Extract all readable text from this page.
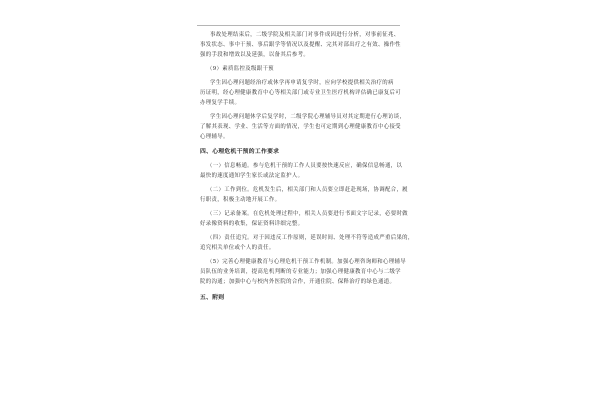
事故处理结束后，二级学院及相关部门对事件成因进行分析，对事前征兆、
事发状态、事中干预、事后跟学等情况以及提醒、完其对部出疗之有效、操作性
强的手段和增效以及延强，以备其后参考。
（9）素质监控及级跟干预
学生因心理问题经治疗或休学再申请复学时，应向学校提供相关治疗的病
历证明，经心理健康教育中心等相关部门或专业卫生医疗机构评估确已康复后可
办理复学手续。
学生因心理问题休学后复学时，二级学院心理辅导员对其定期进行心理访谈，
了解其表现、学业、生活等方面的情况，学生也可定期到心理健康教育中心接受
心理辅导。
四、心理危机干预的工作要求
（一）信息畅通。参与危机干预的工作人员要按快速反应，确保信息畅通，以
最快的速度通知学生家长或法定监护人。
（二）工作到位。危机发生后，相关部门和人员要立即赶赴现场，协调配合，履
行职责，积极主动地开展工作。
（三）记录备案。在危机处理过程中，相关人员要进行书面文字记录，必要时做
好录像资料的收集，保证资料详细完整。
（四）责任追究。对于因违反工作原则，延误时间、处理不符等造成严重后果的，
追究相关单位或个人的责任。
（5）完善心理健康教育与心理危机干预工作机制。加强心理咨询师和心理辅导
员队伍的业务培训，提高危机判断的专业能力；加强心理健康教育中心与二级学
院的沟通；加强中心与校内外医院的合作，开通住院、保释治疗的绿色通道。
五、附则
